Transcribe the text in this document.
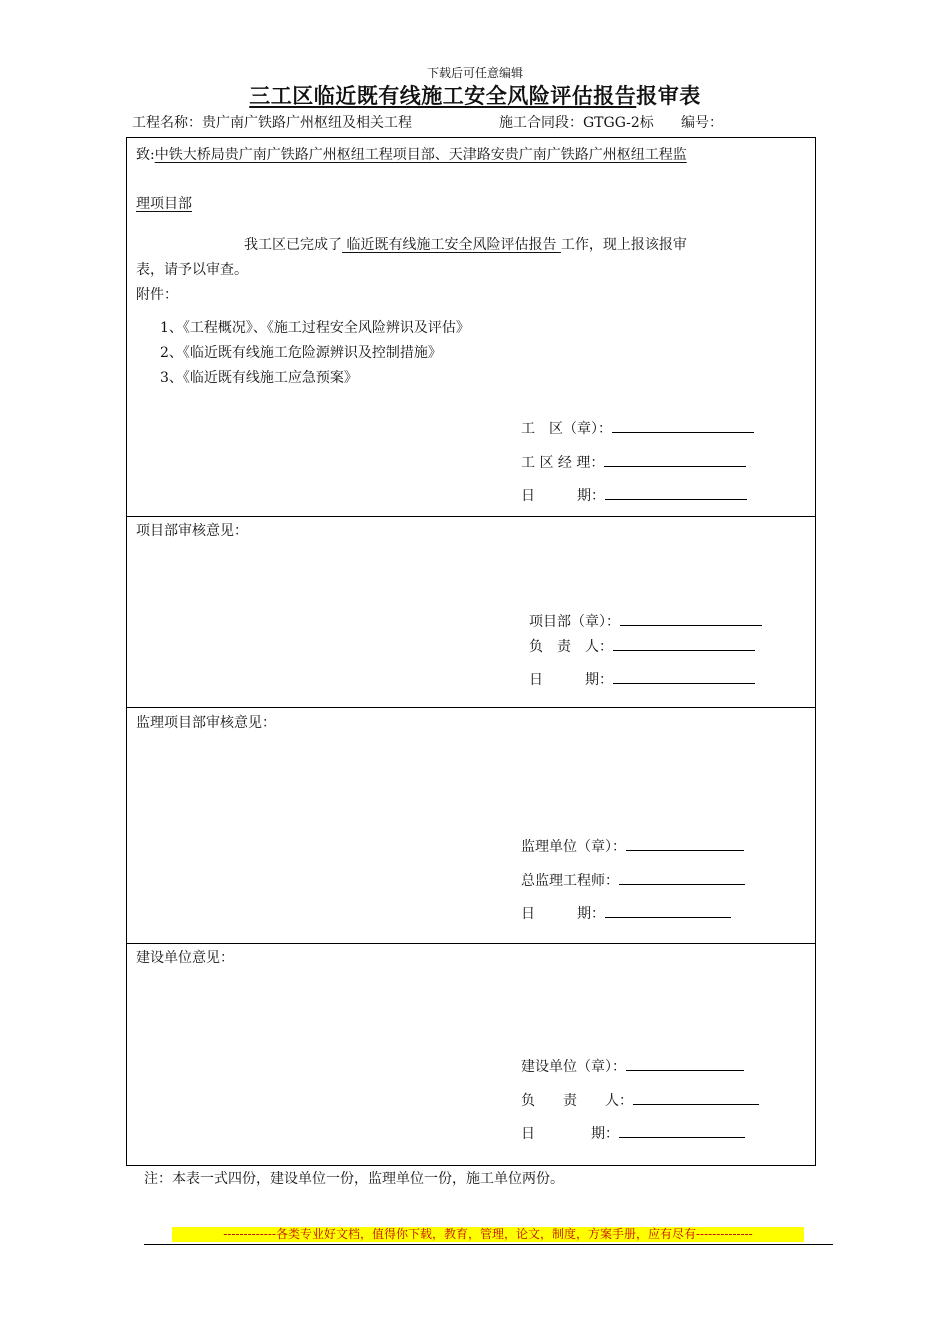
下载后可任意编辑
三工区临近既有线施工安全风险评估报告报审表
工程名称：贵广南广铁路广州枢纽及相关工程	施工合同段：GTGG-2标 编号：
致:中铁大桥局贵广南广铁路广州枢纽工程项目部、天津路安贵广南广铁路广州枢纽工程监
理项目部
我工区已完成了 临近既有线施工安全风险评估报告 工作，现上报该报审
表，请予以审查。
附件：
1、《工程概况》、《施工过程安全风险辨识及评估》
2、《临近既有线施工危险源辨识及控制措施》
3、《临近既有线施工应急预案》
工　区（章）：
工 区 经 理：
日　　　期：
项目部审核意见：
项目部（章）：
负　责　人：
日　　　期：
监理项目部审核意见：
监理单位（章）：
总监理工程师：
日　　　期：
建设单位意见：
建设单位（章）：
负　　责　　人：
日　　　　期：
注：本表一式四份，建设单位一份，监理单位一份，施工单位两份。
-------------各类专业好文档，值得你下载，教育，管理，论文，制度，方案手册，应有尽有--------------
